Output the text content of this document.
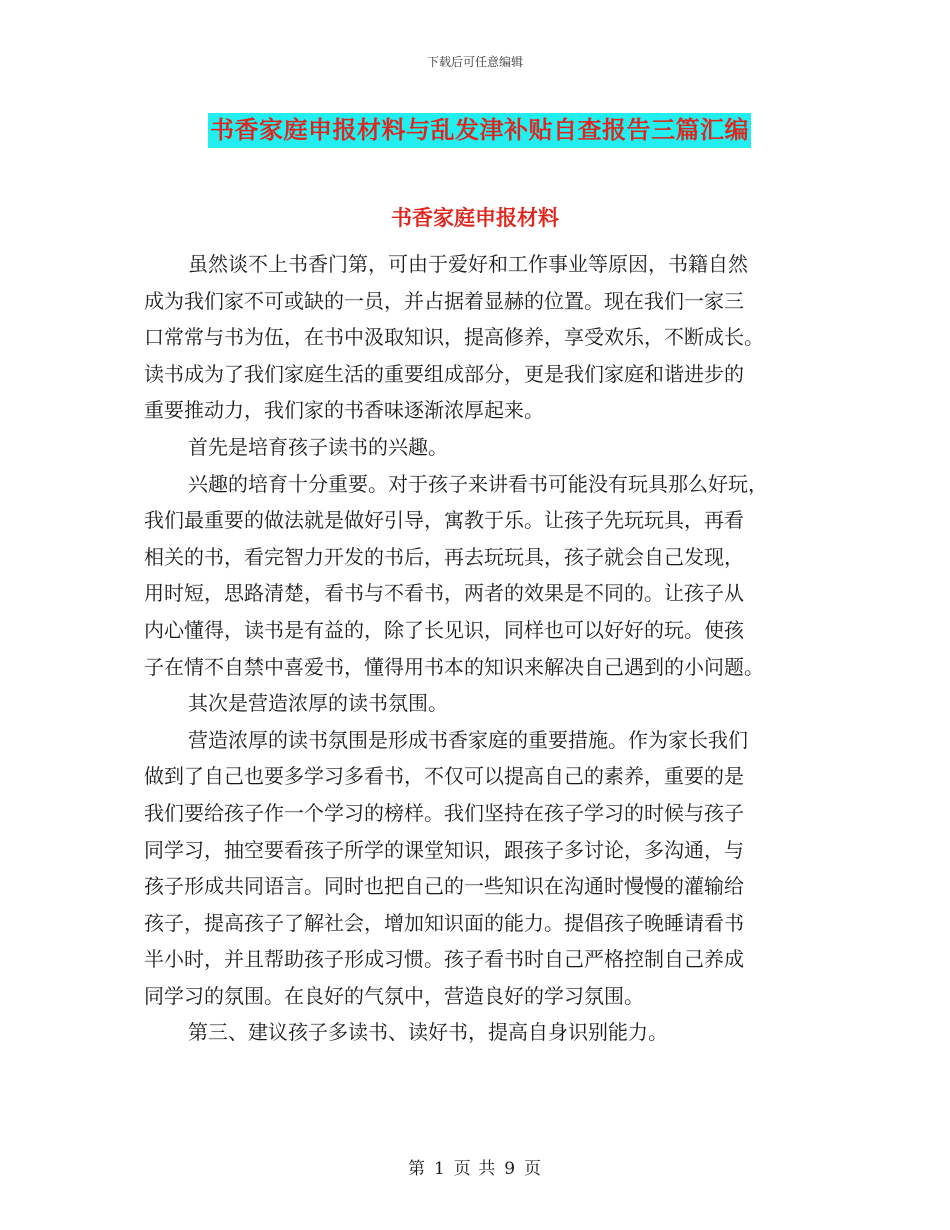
下载后可任意编辑
书香家庭申报材料与乱发津补贴自查报告三篇汇编
书香家庭申报材料
虽然谈不上书香门第，可由于爱好和工作事业等原因，书籍自然
成为我们家不可或缺的一员，并占据着显赫的位置。现在我们一家三
口常常与书为伍，在书中汲取知识，提高修养，享受欢乐，不断成长。
读书成为了我们家庭生活的重要组成部分，更是我们家庭和谐进步的
重要推动力，我们家的书香味逐渐浓厚起来。
首先是培育孩子读书的兴趣。
兴趣的培育十分重要。对于孩子来讲看书可能没有玩具那么好玩，
我们最重要的做法就是做好引导，寓教于乐。让孩子先玩玩具，再看
相关的书，看完智力开发的书后，再去玩玩具，孩子就会自己发现，
用时短，思路清楚，看书与不看书，两者的效果是不同的。让孩子从
内心懂得，读书是有益的，除了长见识，同样也可以好好的玩。使孩
子在情不自禁中喜爱书，懂得用书本的知识来解决自己遇到的小问题。
其次是营造浓厚的读书氛围。
营造浓厚的读书氛围是形成书香家庭的重要措施。作为家长我们
做到了自己也要多学习多看书，不仅可以提高自己的素养，重要的是
我们要给孩子作一个学习的榜样。我们坚持在孩子学习的时候与孩子
同学习，抽空要看孩子所学的课堂知识，跟孩子多讨论，多沟通，与
孩子形成共同语言。同时也把自己的一些知识在沟通时慢慢的灌输给
孩子，提高孩子了解社会，增加知识面的能力。提倡孩子晚睡请看书
半小时，并且帮助孩子形成习惯。孩子看书时自己严格控制自己养成
同学习的氛围。在良好的气氛中，营造良好的学习氛围。
第三、建议孩子多读书、读好书，提高自身识别能力。
第 1 页 共 9 页
